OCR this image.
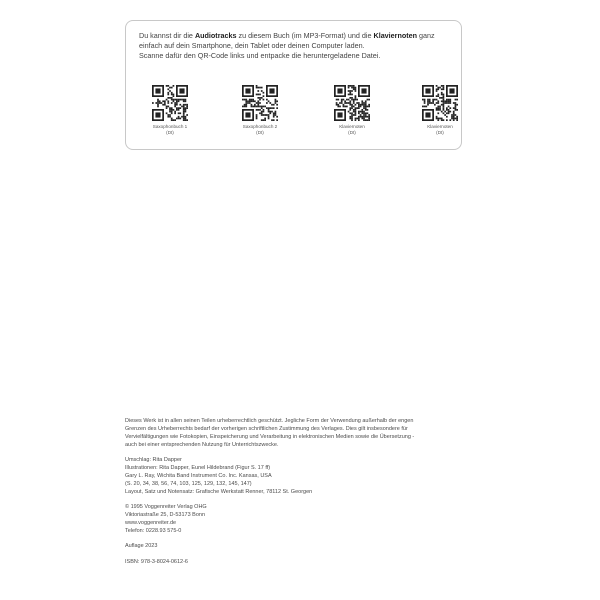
Du kannst dir die Audiotracks zu diesem Buch (im MP3-Format) und die Klaviernoten ganz einfach auf dein Smartphone, dein Tablet oder deinen Computer laden.
Scanne dafür den QR-Code links und entpacke die heruntergeladene Datei.
Saxophonbuch 1
(Dt)
Saxophonbuch 2
(Dt)
Klaviernoten
(Dt)
Klaviernoten
(Dt)

Dieses Werk ist in allen seinen Teilen urheberrechtlich geschützt. Jegliche Form der Verwendung außerhalb der engen

Grenzen des Urheberrechts bedarf der vorherigen schriftlichen Zustimmung des Verlages. Dies gilt insbesondere für

Vervielfältigungen wie Fotokopien, Einspeicherung und Verarbeitung in elektronischen Medien sowie die Übersetzung -

auch bei einer entsprechenden Nutzung für Unterrichtszwecke.

Umschlag: Rita Dapper

Illustrationen: Rita Dapper, Eunel Hildebrand (Figur S. 17 ff)

Gary L. Ray, Wichita Band Instrument Co. Inc. Kansas, USA

(S. 20, 34, 38, 56, 74, 103, 125, 129, 132, 145, 147)

Layout, Satz und Notensatz: Grafische Werkstatt Renner, 78112 St. Georgen

© 1995 Voggenreiter Verlag OHG

Viktoriastraße 25, D-53173 Bonn

www.voggenreiter.de

Telefon: 0228.93 575-0

Auflage 2023

ISBN: 978-3-8024-0612-6
